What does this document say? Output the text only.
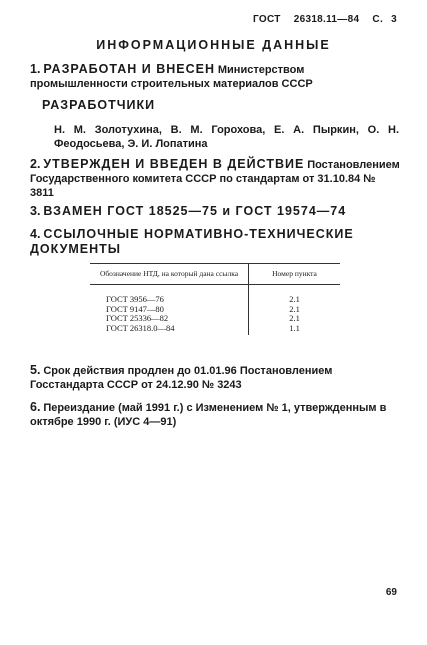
ГОСТ 26318.11—84 С. 3
ИНФОРМАЦИОННЫЕ ДАННЫЕ
1. РАЗРАБОТАН И ВНЕСЕН Министерством промышленности строительных материалов СССР
РАЗРАБОТЧИКИ
Н. М. Золотухина, В. М. Горохова, Е. А. Пыркин, О. Н. Феодосьева, Э. И. Лопатина
2. УТВЕРЖДЕН И ВВЕДЕН В ДЕЙСТВИЕ Постановлением Государственного комитета СССР по стандартам от 31.10.84 № 3811
3. ВЗАМЕН ГОСТ 18525—75 и ГОСТ 19574—74
4. ССЫЛОЧНЫЕ НОРМАТИВНО-ТЕХНИЧЕСКИЕ ДОКУМЕНТЫ
Обозначение НТД, на который дана ссылка	Номер пункта
ГОСТ 3956—76	2.1
ГОСТ 9147—80	2.1
ГОСТ 25336—82	2.1
ГОСТ 26318.0—84	1.1
5. Срок действия продлен до 01.01.96 Постановлением Госстандарта СССР от 24.12.90 № 3243
6. Переиздание (май 1991 г.) с Изменением № 1, утвержденным в октябре 1990 г. (ИУС 4—91)
69
